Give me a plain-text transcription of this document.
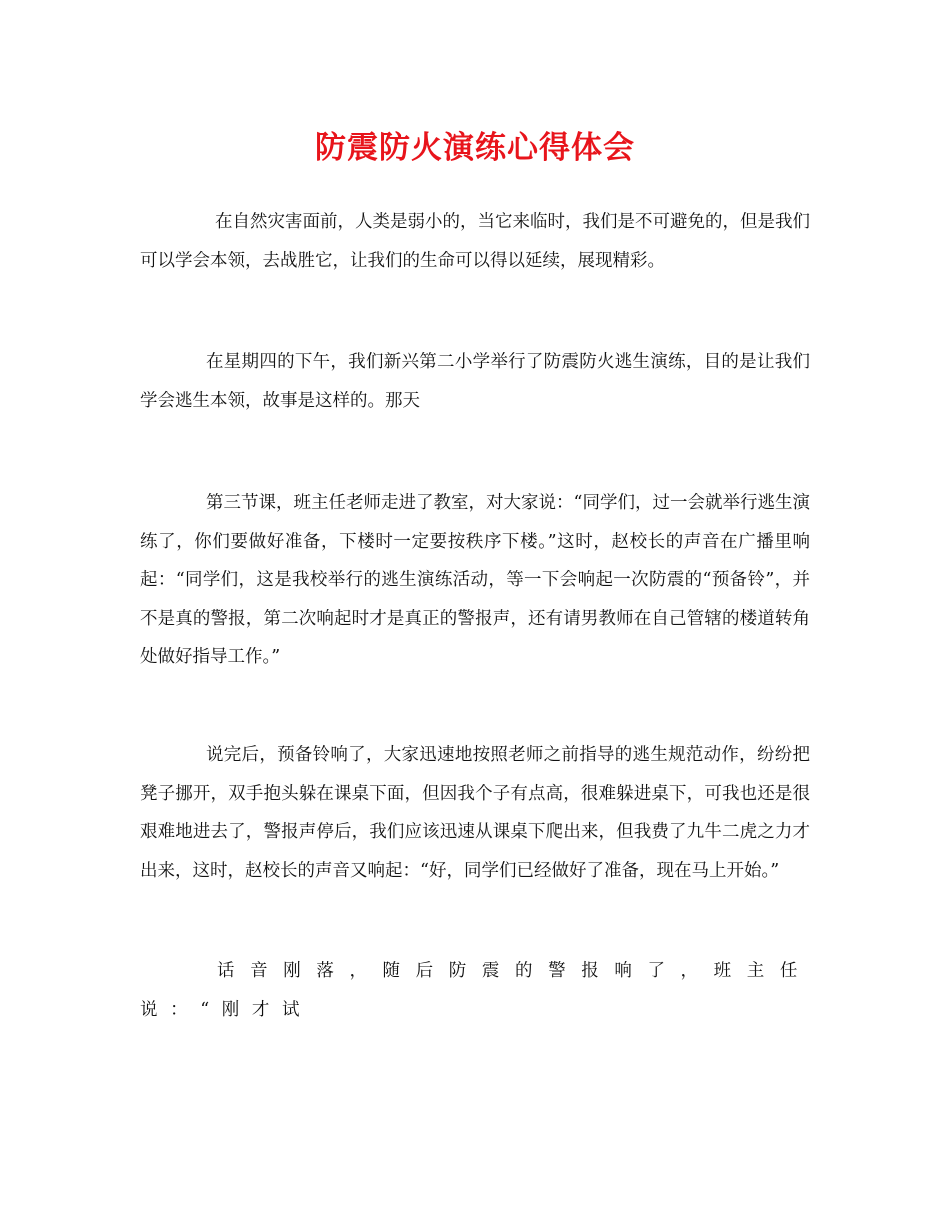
防震防火演练心得体会

在自然灾害面前，人类是弱小的，当它来临时，我们是不可避免的，但是我们可以学会本领，去战胜它，让我们的生命可以得以延续，展现精彩。

在星期四的下午，我们新兴第二小学举行了防震防火逃生演练，目的是让我们学会逃生本领，故事是这样的。那天

第三节课，班主任老师走进了教室，对大家说：“同学们，过一会就举行逃生演练了，你们要做好准备，下楼时一定要按秩序下楼。”这时，赵校长的声音在广播里响起：“同学们，这是我校举行的逃生演练活动，等一下会响起一次防震的“预备铃”，并不是真的警报，第二次响起时才是真正的警报声，还有请男教师在自己管辖的楼道转角处做好指导工作。”

说完后，预备铃响了，大家迅速地按照老师之前指导的逃生规范动作，纷纷把凳子挪开，双手抱头躲在课桌下面，但因我个子有点高，很难躲进桌下，可我也还是很艰难地进去了，警报声停后，我们应该迅速从课桌下爬出来，但我费了九牛二虎之力才出来，这时，赵校长的声音又响起：“好，同学们已经做好了准备，现在马上开始。”

话音刚落，随后防震的警报响了，班主任说：“刚才试
